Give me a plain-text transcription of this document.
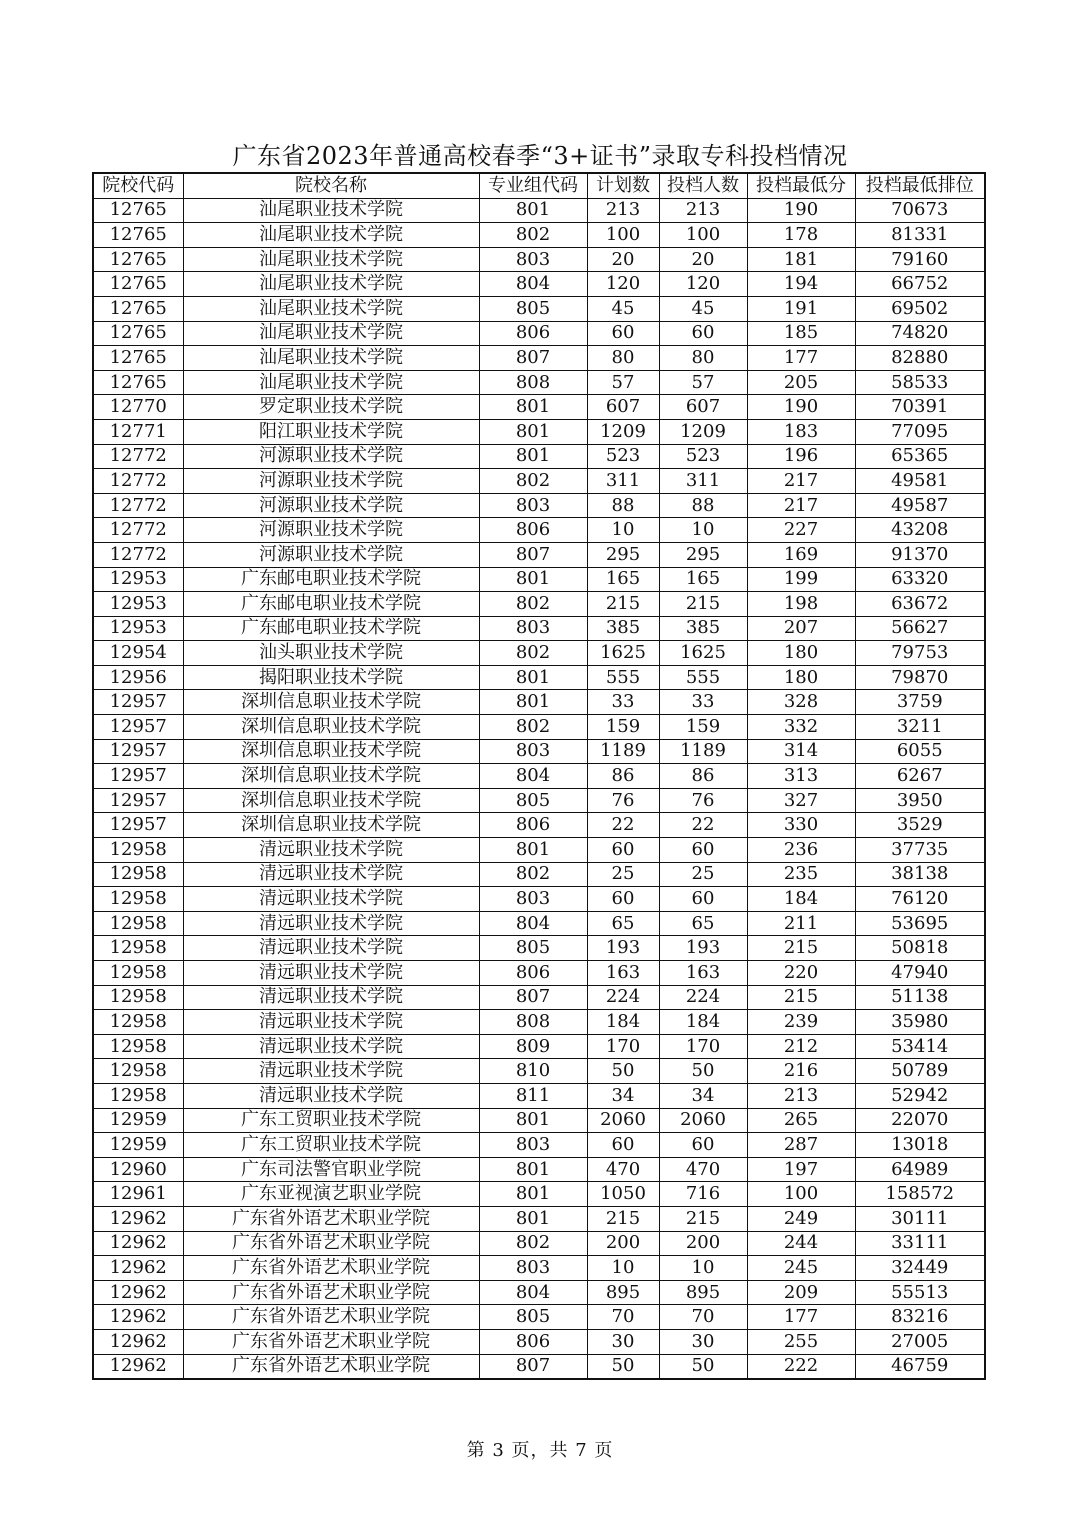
广东省2023年普通高校春季“3+证书”录取专科投档情况
院校代码	院校名称	专业组代码	计划数	投档人数	投档最低分	投档最低排位
12765	汕尾职业技术学院	801	213	213	190	70673
12765	汕尾职业技术学院	802	100	100	178	81331
12765	汕尾职业技术学院	803	20	20	181	79160
12765	汕尾职业技术学院	804	120	120	194	66752
12765	汕尾职业技术学院	805	45	45	191	69502
12765	汕尾职业技术学院	806	60	60	185	74820
12765	汕尾职业技术学院	807	80	80	177	82880
12765	汕尾职业技术学院	808	57	57	205	58533
12770	罗定职业技术学院	801	607	607	190	70391
12771	阳江职业技术学院	801	1209	1209	183	77095
12772	河源职业技术学院	801	523	523	196	65365
12772	河源职业技术学院	802	311	311	217	49581
12772	河源职业技术学院	803	88	88	217	49587
12772	河源职业技术学院	806	10	10	227	43208
12772	河源职业技术学院	807	295	295	169	91370
12953	广东邮电职业技术学院	801	165	165	199	63320
12953	广东邮电职业技术学院	802	215	215	198	63672
12953	广东邮电职业技术学院	803	385	385	207	56627
12954	汕头职业技术学院	802	1625	1625	180	79753
12956	揭阳职业技术学院	801	555	555	180	79870
12957	深圳信息职业技术学院	801	33	33	328	3759
12957	深圳信息职业技术学院	802	159	159	332	3211
12957	深圳信息职业技术学院	803	1189	1189	314	6055
12957	深圳信息职业技术学院	804	86	86	313	6267
12957	深圳信息职业技术学院	805	76	76	327	3950
12957	深圳信息职业技术学院	806	22	22	330	3529
12958	清远职业技术学院	801	60	60	236	37735
12958	清远职业技术学院	802	25	25	235	38138
12958	清远职业技术学院	803	60	60	184	76120
12958	清远职业技术学院	804	65	65	211	53695
12958	清远职业技术学院	805	193	193	215	50818
12958	清远职业技术学院	806	163	163	220	47940
12958	清远职业技术学院	807	224	224	215	51138
12958	清远职业技术学院	808	184	184	239	35980
12958	清远职业技术学院	809	170	170	212	53414
12958	清远职业技术学院	810	50	50	216	50789
12958	清远职业技术学院	811	34	34	213	52942
12959	广东工贸职业技术学院	801	2060	2060	265	22070
12959	广东工贸职业技术学院	803	60	60	287	13018
12960	广东司法警官职业学院	801	470	470	197	64989
12961	广东亚视演艺职业学院	801	1050	716	100	158572
12962	广东省外语艺术职业学院	801	215	215	249	30111
12962	广东省外语艺术职业学院	802	200	200	244	33111
12962	广东省外语艺术职业学院	803	10	10	245	32449
12962	广东省外语艺术职业学院	804	895	895	209	55513
12962	广东省外语艺术职业学院	805	70	70	177	83216
12962	广东省外语艺术职业学院	806	30	30	255	27005
12962	广东省外语艺术职业学院	807	50	50	222	46759
第 3 页，共 7 页
